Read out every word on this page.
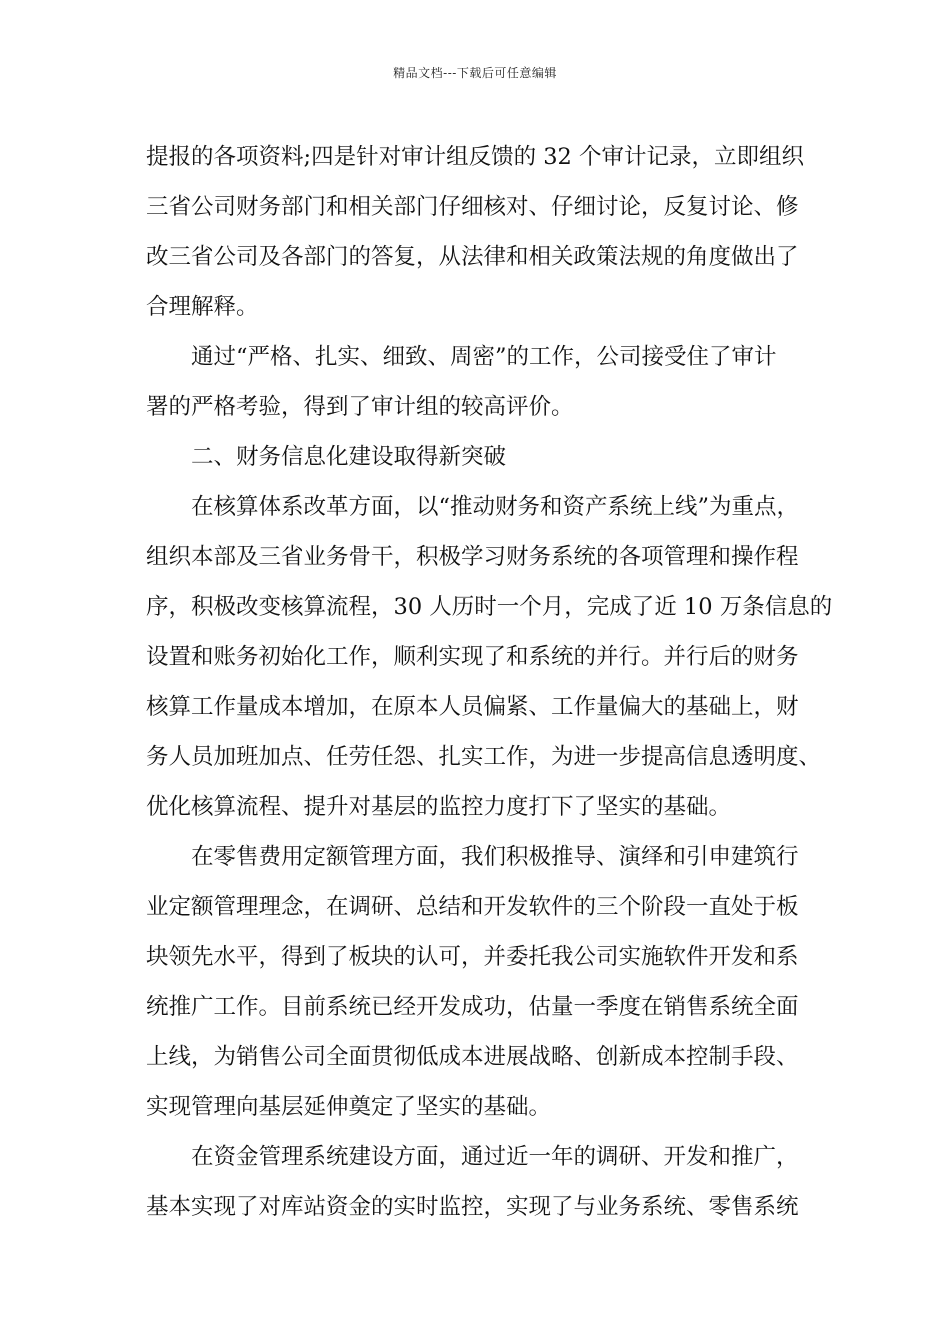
精品文档---下载后可任意编辑

提报的各项资料;四是针对审计组反馈的 32 个审计记录，立即组织
三省公司财务部门和相关部门仔细核对、仔细讨论，反复讨论、修
改三省公司及各部门的答复，从法律和相关政策法规的角度做出了
合理解释。

通过“严格、扎实、细致、周密”的工作，公司接受住了审计
署的严格考验，得到了审计组的较高评价。

二、财务信息化建设取得新突破

在核算体系改革方面，以“推动财务和资产系统上线”为重点，
组织本部及三省业务骨干，积极学习财务系统的各项管理和操作程
序，积极改变核算流程，30 人历时一个月，完成了近 10 万条信息的
设置和账务初始化工作，顺利实现了和系统的并行。并行后的财务
核算工作量成本增加，在原本人员偏紧、工作量偏大的基础上，财
务人员加班加点、任劳任怨、扎实工作，为进一步提高信息透明度、
优化核算流程、提升对基层的监控力度打下了坚实的基础。

在零售费用定额管理方面，我们积极推导、演绎和引申建筑行
业定额管理理念，在调研、总结和开发软件的三个阶段一直处于板
块领先水平，得到了板块的认可，并委托我公司实施软件开发和系
统推广工作。目前系统已经开发成功，估量一季度在销售系统全面
上线，为销售公司全面贯彻低成本进展战略、创新成本控制手段、
实现管理向基层延伸奠定了坚实的基础。

在资金管理系统建设方面，通过近一年的调研、开发和推广，
基本实现了对库站资金的实时监控，实现了与业务系统、零售系统
